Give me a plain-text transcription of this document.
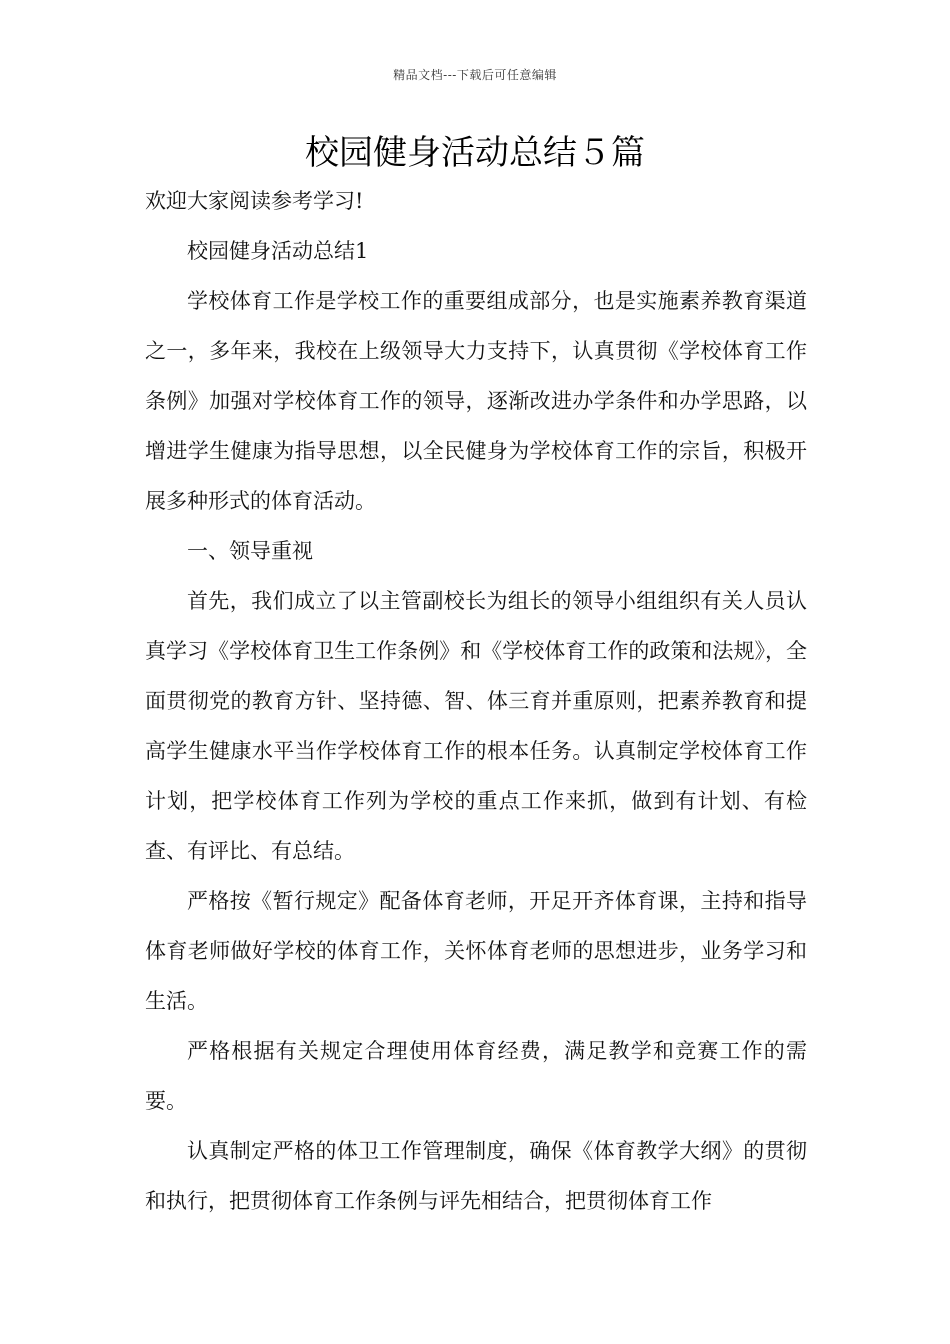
精品文档---下载后可任意编辑
校园健身活动总结５篇

欢迎大家阅读参考学习!

校园健身活动总结1

学校体育工作是学校工作的重要组成部分，也是实施素养教育渠道之一，多年来，我校在上级领导大力支持下，认真贯彻《学校体育工作条例》加强对学校体育工作的领导，逐渐改进办学条件和办学思路，以增进学生健康为指导思想，以全民健身为学校体育工作的宗旨，积极开展多种形式的体育活动。

一、领导重视

首先，我们成立了以主管副校长为组长的领导小组组织有关人员认真学习《学校体育卫生工作条例》和《学校体育工作的政策和法规》，全面贯彻党的教育方针、坚持德、智、体三育并重原则，把素养教育和提高学生健康水平当作学校体育工作的根本任务。认真制定学校体育工作计划，把学校体育工作列为学校的重点工作来抓，做到有计划、有检查、有评比、有总结。

严格按《暂行规定》配备体育老师，开足开齐体育课，主持和指导体育老师做好学校的体育工作，关怀体育老师的思想进步，业务学习和生活。

严格根据有关规定合理使用体育经费，满足教学和竞赛工作的需要。

认真制定严格的体卫工作管理制度，确保《体育教学大纲》的贯彻和执行，把贯彻体育工作条例与评先相结合，把贯彻体育工作
